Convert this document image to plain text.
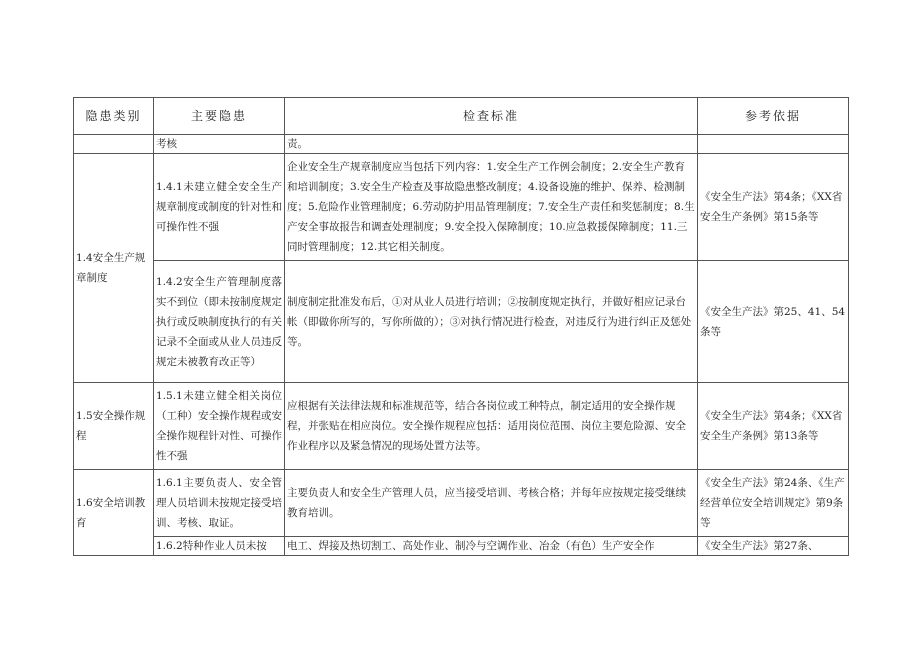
隐患类别	主要隐患	检查标准	参考依据
	考核	责。	
1.4安全生产规章制度	1.4.1未建立健全安全生产规章制度或制度的针对性和可操作性不强	企业安全生产规章制度应当包括下列内容：1.安全生产工作例会制度；2.安全生产教育和培训制度；3.安全生产检查及事故隐患整改制度；4.设备设施的维护、保养、检测制度；5.危险作业管理制度；6.劳动防护用品管理制度；7.安全生产责任和奖惩制度；8.生产安全事故报告和调查处理制度；9.安全投入保障制度；10.应急救援保障制度；11.三同时管理制度；12.其它相关制度。	《安全生产法》第4条；《XX省安全生产条例》第15条等
	1.4.2安全生产管理制度落实不到位（即未按制度规定执行或反映制度执行的有关记录不全面或从业人员违反规定未被教育改正等）	制度制定批准发布后，①对从业人员进行培训；②按制度规定执行，并做好相应记录台帐（即做你所写的，写你所做的）；③对执行情况进行检查，对违反行为进行纠正及惩处等。	《安全生产法》第25、41、54条等
1.5安全操作规程	1.5.1未建立健全相关岗位（工种）安全操作规程或安全操作规程针对性、可操作性不强	应根据有关法律法规和标准规范等，结合各岗位或工种特点，制定适用的安全操作规程，并张贴在相应岗位。安全操作规程应包括：适用岗位范围、岗位主要危险源、安全作业程序以及紧急情况的现场处置方法等。	《安全生产法》第4条；《XX省安全生产条例》第13条等
1.6安全培训教育	1.6.1主要负责人、安全管理人员培训未按规定接受培训、考核、取证。	主要负责人和安全生产管理人员，应当接受培训、考核合格；并每年应按规定接受继续教育培训。	《安全生产法》第24条、《生产经营单位安全培训规定》第9条等
	1.6.2特种作业人员未按	电工、焊接及热切割工、高处作业、制冷与空调作业、冶金（有色）生产安全作	《安全生产法》第27条、
